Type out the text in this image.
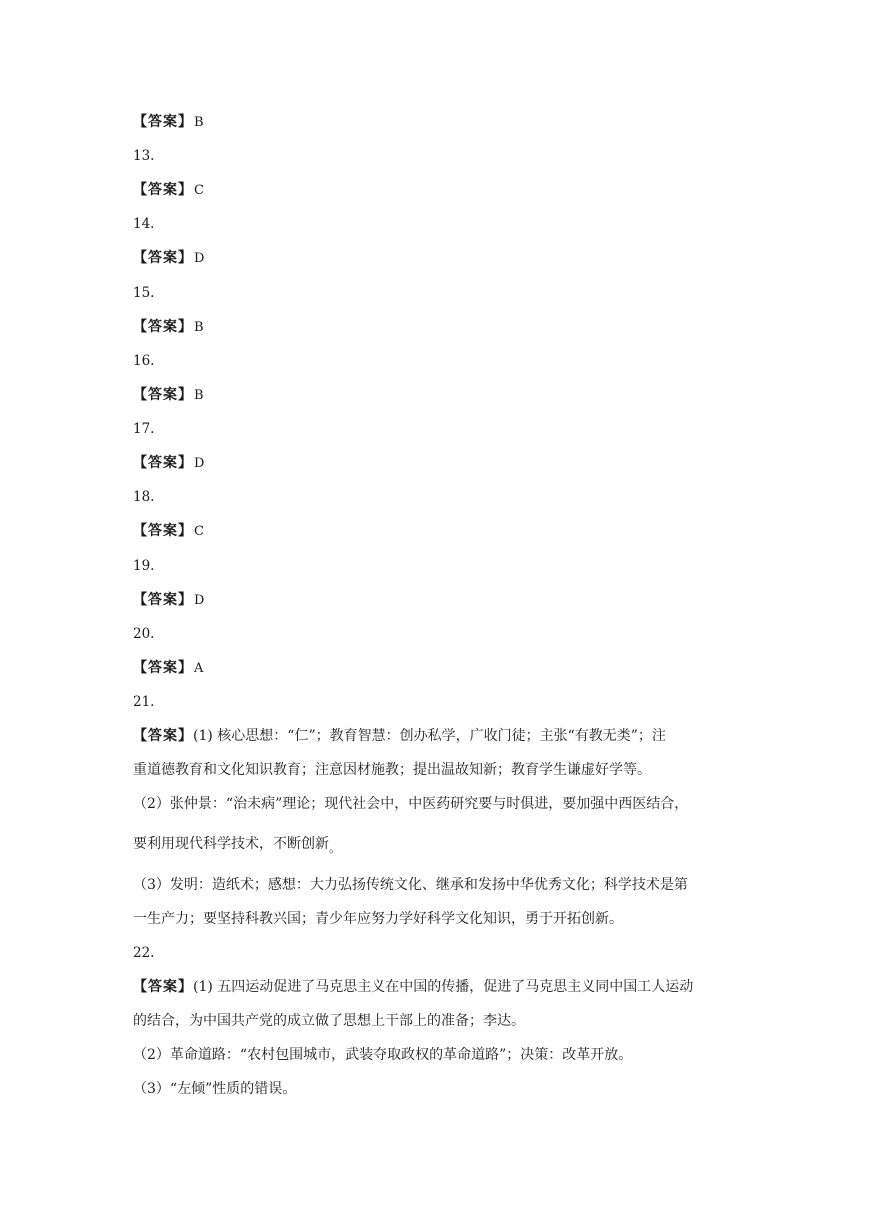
【答案】B
13.
【答案】C
14.
【答案】D
15.
【答案】B
16.
【答案】B
17.
【答案】D
18.
【答案】C
19.
【答案】D
20.
【答案】A
21.
【答案】(1) 核心思想：“仁”；教育智慧：创办私学，广收门徒；主张“有教无类”；注
重道德教育和文化知识教育；注意因材施教；提出温故知新；教育学生谦虚好学等。
（2）张仲景：“治未病”理论；现代社会中，中医药研究要与时俱进，要加强中西医结合，
要利用现代科学技术，不断创新。
（3）发明：造纸术；感想：大力弘扬传统文化、继承和发扬中华优秀文化；科学技术是第
一生产力；要坚持科教兴国；青少年应努力学好科学文化知识，勇于开拓创新。
22.
【答案】(1) 五四运动促进了马克思主义在中国的传播，促进了马克思主义同中国工人运动
的结合，为中国共产党的成立做了思想上干部上的准备；李达。
（2）革命道路：“农村包围城市，武装夺取政权的革命道路”；决策：改革开放。
（3）“左倾”性质的错误。
